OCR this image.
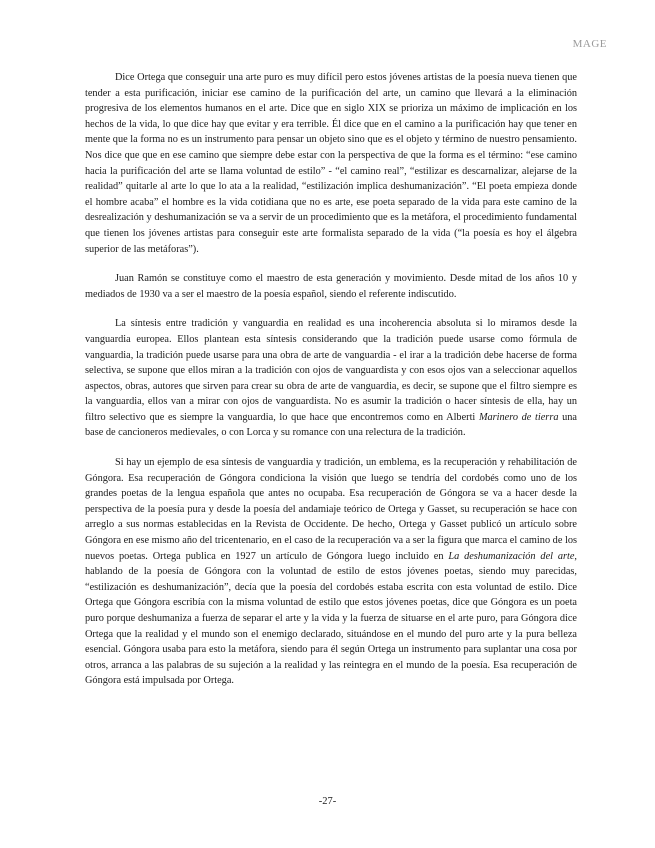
MAGE

Dice Ortega que conseguir una arte puro es muy difícil pero estos jóvenes artistas de la poesía nueva tienen que tender a esta purificación, iniciar ese camino de la purificación del arte, un camino que llevará a la eliminación progresiva de los elementos humanos en el arte. Dice que en siglo XIX se prioriza un máximo de implicación en los hechos de la vida, lo que dice hay que evitar y era terrible. Él dice que en el camino a la purificación hay que tener en mente que la forma no es un instrumento para pensar un objeto sino que es el objeto y término de nuestro pensamiento. Nos dice que que en ese camino que siempre debe estar con la perspectiva de que la forma es el término: “ese camino hacia la purificación del arte se llama voluntad de estilo” - “el camino real”, “estilizar es descarnalizar, alejarse de la realidad” quitarle al arte lo que lo ata a la realidad, “estilización implica deshumanización”. “El poeta empieza donde el hombre acaba” el hombre es la vida cotidiana que no es arte, ese poeta separado de la vida para este camino de la desrealización y deshumanización se va a servir de un procedimiento que es la metáfora, el procedimiento fundamental que tienen los jóvenes artistas para conseguir este arte formalista separado de la vida (“la poesía es hoy el álgebra superior de las metáforas”).

Juan Ramón se constituye como el maestro de esta generación y movimiento. Desde mitad de los años 10 y mediados de 1930 va a ser el maestro de la poesía español, siendo el referente indiscutido.

La síntesis entre tradición y vanguardia en realidad es una incoherencia absoluta si lo miramos desde la vanguardia europea. Ellos plantean esta síntesis considerando que la tradición puede usarse como fórmula de vanguardia, la tradición puede usarse para una obra de arte de vanguardia - el irar a la tradición debe hacerse de forma selectiva, se supone que ellos miran a la tradición con ojos de vanguardista y con esos ojos van a seleccionar aquellos aspectos, obras, autores que sirven para crear su obra de arte de vanguardia, es decir, se supone que el filtro siempre es la vanguardia, ellos van a mirar con ojos de vanguardista. No es asumir la tradición o hacer síntesis de ella, hay un filtro selectivo que es siempre la vanguardia, lo que hace que encontremos como en Alberti Marinero de tierra una base de cancioneros medievales, o con Lorca y su romance con una relectura de la tradición.

Si hay un ejemplo de esa síntesis de vanguardia y tradición, un emblema, es la recuperación y rehabilitación de Góngora. Esa recuperación de Góngora condiciona la visión que luego se tendría del cordobés como uno de los grandes poetas de la lengua española que antes no ocupaba. Esa recuperación de Góngora se va a hacer desde la perspectiva de la poesía pura y desde la poesía del andamiaje teórico de Ortega y Gasset, su recuperación se hace con arreglo a sus normas establecidas en la Revista de Occidente. De hecho, Ortega y Gasset publicó un artículo sobre Góngora en ese mismo año del tricentenario, en el caso de la recuperación va a ser la figura que marca el camino de los nuevos poetas. Ortega publica en 1927 un artículo de Góngora luego incluido en La deshumanización del arte, hablando de la poesía de Góngora con la voluntad de estilo de estos jóvenes poetas, siendo muy parecidas, “estilización es deshumanización”, decía que la poesía del cordobés estaba escrita con esta voluntad de estilo. Dice Ortega que Góngora escribía con la misma voluntad de estilo que estos jóvenes poetas, dice que Góngora es un poeta puro porque deshumaniza a fuerza de separar el arte y la vida y la fuerza de situarse en el arte puro, para Góngora dice Ortega que la realidad y el mundo son el enemigo declarado, situándose en el mundo del puro arte y la pura belleza esencial. Góngora usaba para esto la metáfora, siendo para él según Ortega un instrumento para suplantar una cosa por otros, arranca a las palabras de su sujeción a la realidad y las reintegra en el mundo de la poesía. Esa recuperación de Góngora está impulsada por Ortega.

-27-
